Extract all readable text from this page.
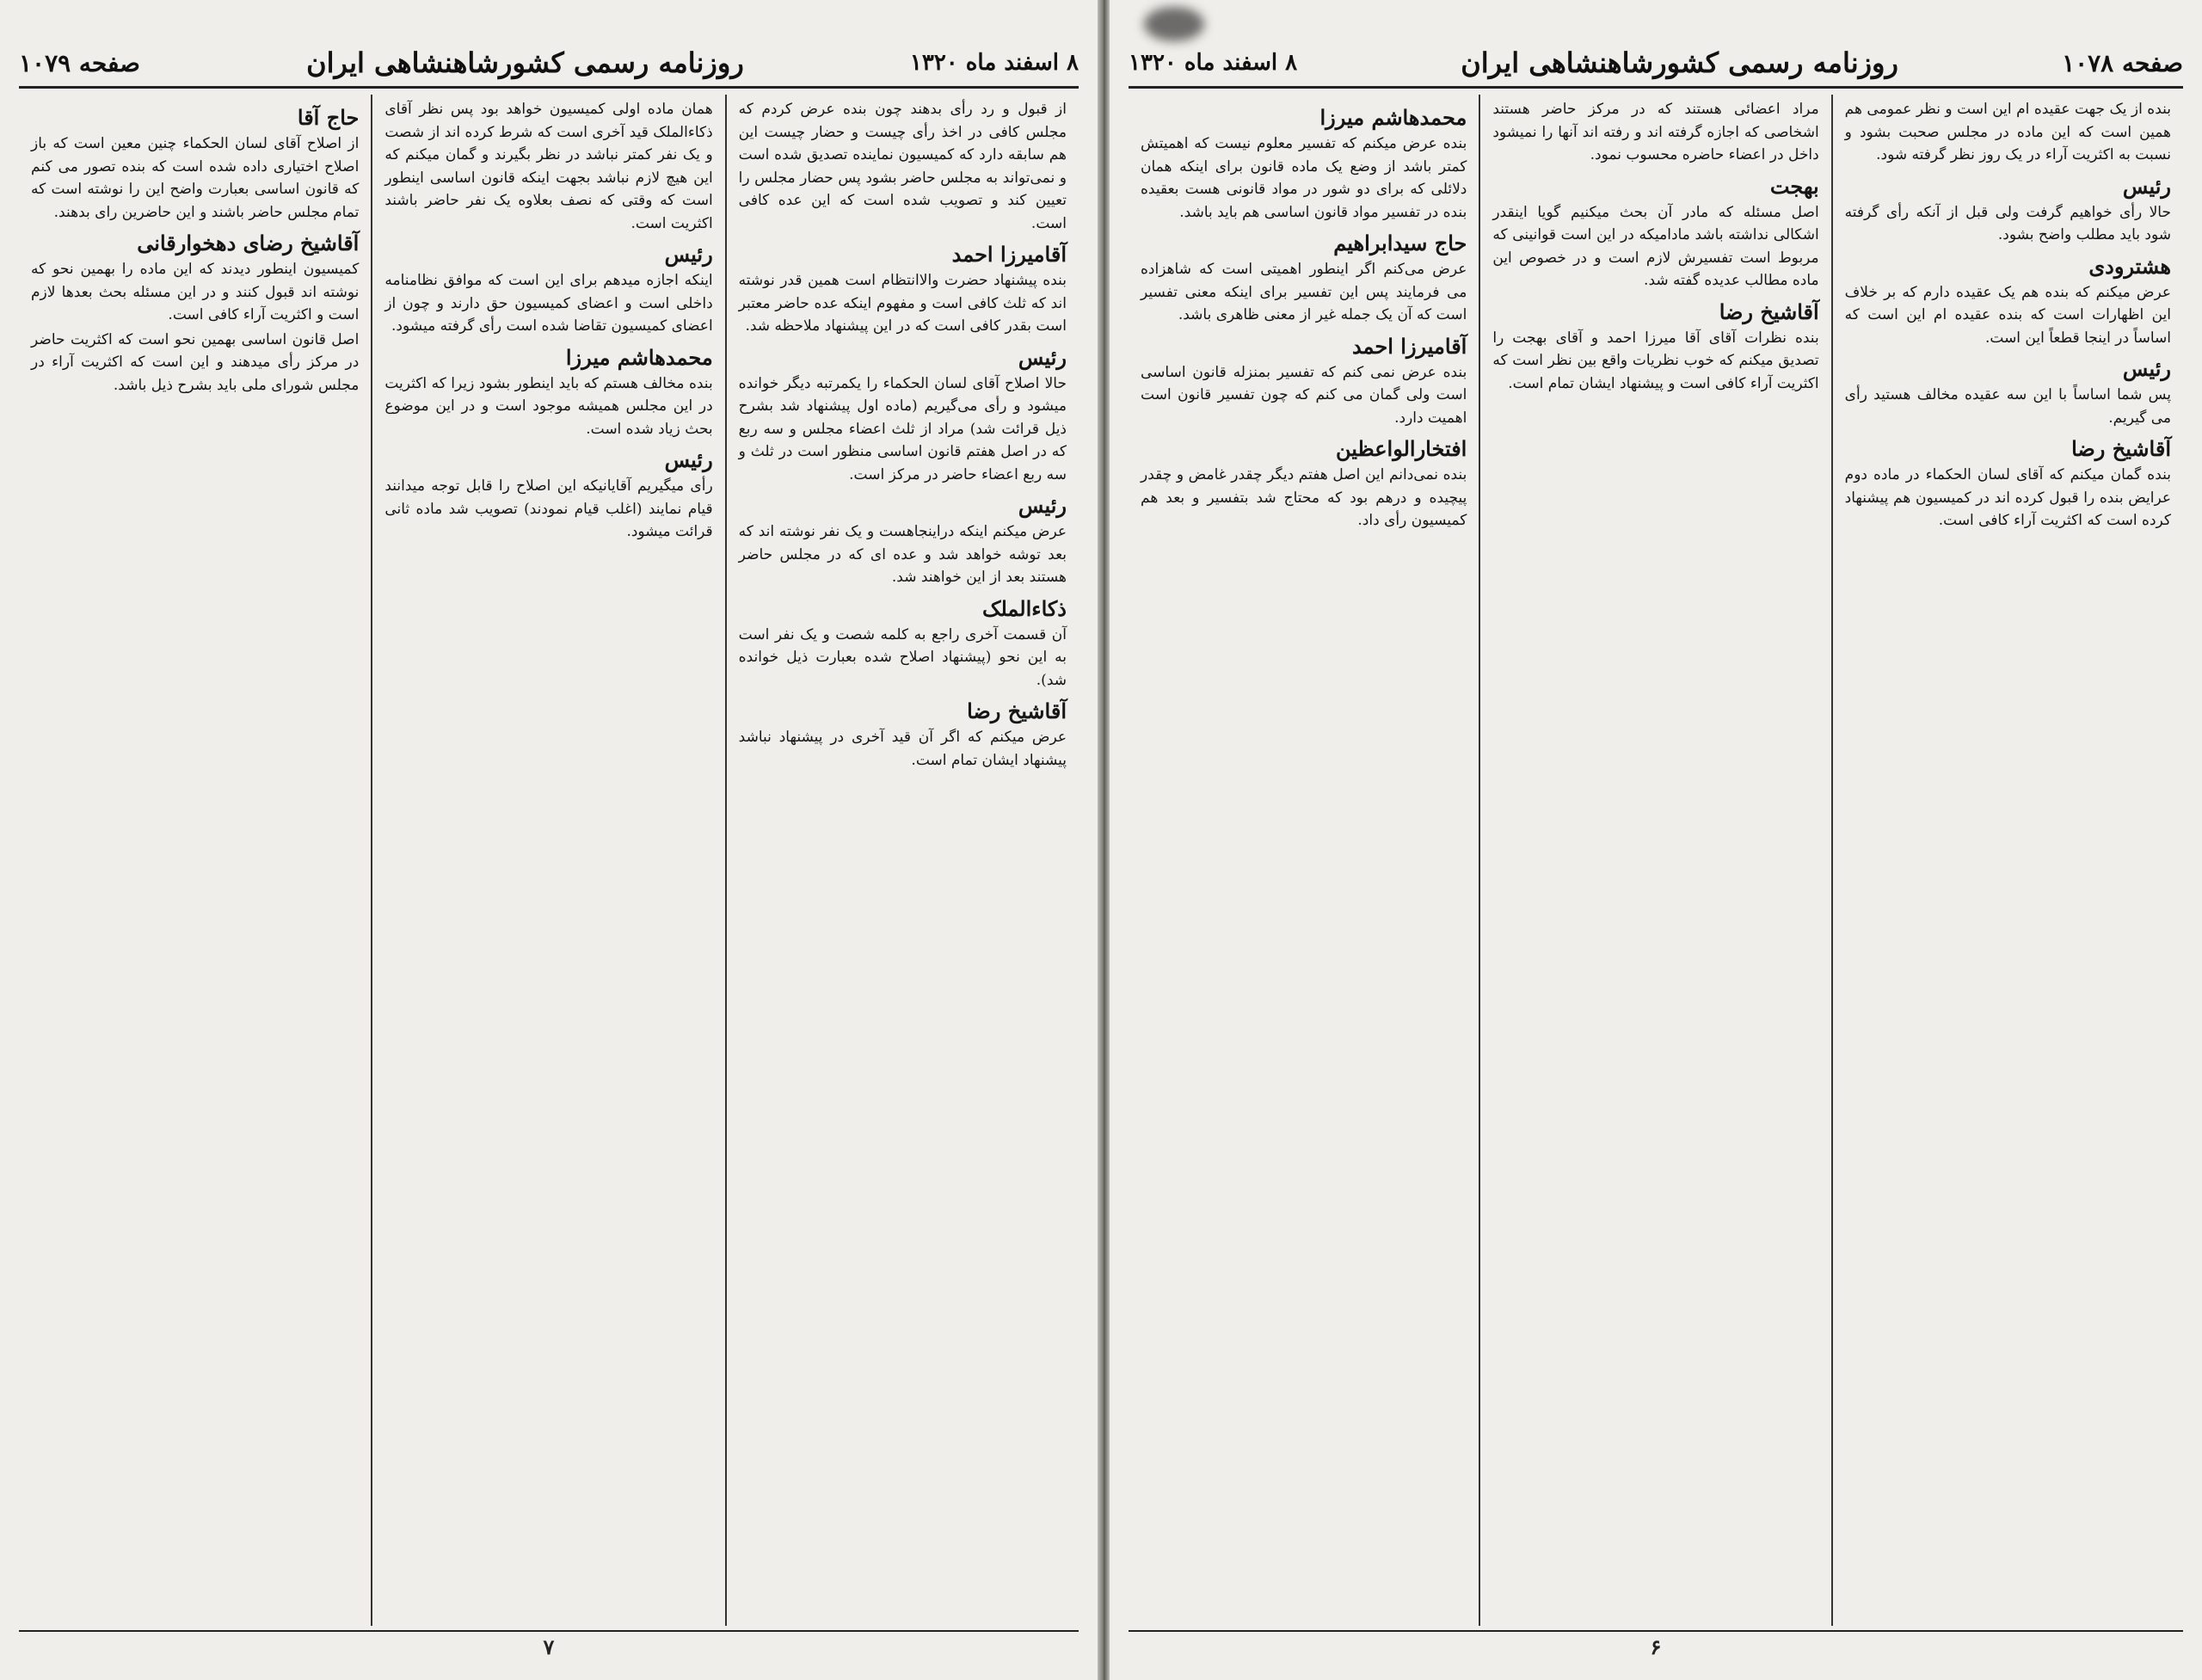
۸ اسفند ماه ۱۳۲۰
روزنامه رسمی کشورشاهنشاهی ایران
صفحه ۱۰۷۹

از قبول و رد رأی بدهند چون بنده عرض کردم که مجلس کافی در اخذ رأی چیست و حضار چیست این هم سابقه دارد که کمیسیون نماینده تصدیق شده است و نمی‌تواند به مجلس حاضر بشود پس حضار مجلس را تعیین کند و تصویب شده است که این عده کافی است.

آقامیرزا احمد

بنده پیشنهاد حضرت والاانتظام است همین قدر نوشته اند که ثلث کافی است و مفهوم اینکه عده حاضر معتبر است بقدر کافی است که در این پیشنهاد ملاحظه شد.

رئیس

حالا اصلاح آقای لسان الحکماء را یکمرتبه دیگر خوانده میشود و رأی می‌گیریم (ماده اول پیشنهاد شد بشرح ذیل قرائت شد) مراد از ثلث اعضاء مجلس و سه ربع که در اصل هفتم قانون اساسی منظور است در ثلث و سه ربع اعضاء حاضر در مرکز است.

رئیس

عرض میکنم اینکه دراینجاهست و یک نفر نوشته اند که بعد توشه خواهد شد و عده ای که در مجلس حاضر هستند بعد از این خواهند شد.

ذکاءالملک

آن قسمت آخری راجع به کلمه شصت و یک نفر است به این نحو (پیشنهاد اصلاح شده بعبارت ذیل خوانده شد).

آقاشیخ رضا

عرض میکنم که اگر آن قید آخری در پیشنهاد نباشد پیشنهاد ایشان تمام است.

همان ماده اولی کمیسیون خواهد بود پس نظر آقای ذکاءالملک قید آخری است که شرط کرده اند از شصت و یک نفر کمتر نباشد در نظر بگیرند و گمان میکنم که این هیچ لازم نباشد بجهت اینکه قانون اساسی اینطور است که وقتی که نصف بعلاوه یک نفر حاضر باشند اکثریت است.

رئیس

اینکه اجازه میدهم برای این است که موافق نظامنامه داخلی است و اعضای کمیسیون حق دارند و چون از اعضای کمیسیون تقاضا شده است رأی گرفته میشود.

محمدهاشم میرزا

بنده مخالف هستم که باید اینطور بشود زیرا که اکثریت در این مجلس همیشه موجود است و در این موضوع بحث زیاد شده است.

رئیس

رأی میگیریم آقایانیکه این اصلاح را قابل توجه میدانند قیام نمایند (اغلب قیام نمودند) تصویب شد ماده ثانی قرائت میشود.

حاج آقا

از اصلاح آقای لسان الحکماء چنین معین است که باز اصلاح اختیاری داده شده است که بنده تصور می کنم که قانون اساسی بعبارت واضح این را نوشته است که تمام مجلس حاضر باشند و این حاضرین رای بدهند.

آقاشیخ رضای دهخوارقانی

کمیسیون اینطور دیدند که این ماده را بهمین نحو که نوشته اند قبول کنند و در این مسئله بحث بعدها لازم است و اکثریت آراء کافی است.

اصل قانون اساسی بهمین نحو است که اکثریت حاضر در مرکز رأی میدهند و این است که اکثریت آراء در مجلس شورای ملی باید بشرح ذیل باشد.

۷
صفحه ۱۰۷۸
روزنامه رسمی کشورشاهنشاهی ایران
۸ اسفند ماه ۱۳۲۰

بنده از یک جهت عقیده ام این است و نظر عمومی هم همین است که این ماده در مجلس صحبت بشود و نسبت به اکثریت آراء در یک روز نظر گرفته شود.

رئیس

حالا رأی خواهیم گرفت ولی قبل از آنکه رأی گرفته شود باید مطلب واضح بشود.

هشترودی

عرض میکنم که بنده هم یک عقیده دارم که بر خلاف این اظهارات است که بنده عقیده ام این است که اساساً در اینجا قطعاً این است.

رئیس

پس شما اساساً با این سه عقیده مخالف هستید رأی می گیریم.

آقاشیخ رضا

بنده گمان میکنم که آقای لسان الحکماء در ماده دوم عرایض بنده را قبول کرده اند در کمیسیون هم پیشنهاد کرده است که اکثریت آراء کافی است.

مراد اعضائی هستند که در مرکز حاضر هستند اشخاصی که اجازه گرفته اند و رفته اند آنها را نمیشود داخل در اعضاء حاضره محسوب نمود.

بهجت

اصل مسئله که مادر آن بحث میکنیم گویا اینقدر اشکالی نداشته باشد مادامیکه در این است قوانینی که مربوط است تفسیرش لازم است و در خصوص این ماده مطالب عدیده گفته شد.

آقاشیخ رضا

بنده نظرات آقای آقا میرزا احمد و آقای بهجت را تصدیق میکنم که خوب نظریات واقع بین نظر است که اکثریت آراء کافی است و پیشنهاد ایشان تمام است.

محمدهاشم میرزا

بنده عرض میکنم که تفسیر معلوم نیست که اهمیتش کمتر باشد از وضع یک ماده قانون برای اینکه همان دلائلی که برای دو شور در مواد قانونی هست بعقیده بنده در تفسیر مواد قانون اساسی هم باید باشد.

حاج سیدابراهیم

عرض می‌کنم اگر اینطور اهمیتی است که شاهزاده می فرمایند پس این تفسیر برای اینکه معنی تفسیر است که آن یک جمله غیر از معنی ظاهری باشد.

آقامیرزا احمد

بنده عرض نمی کنم که تفسیر بمنزله قانون اساسی است ولی گمان می کنم که چون تفسیر قانون است اهمیت دارد.

افتخارالواعظین

بنده نمی‌دانم این اصل هفتم دیگر چقدر غامض و چقدر پیچیده و درهم بود که محتاج شد بتفسیر و بعد هم کمیسیون رأی داد.

۶
